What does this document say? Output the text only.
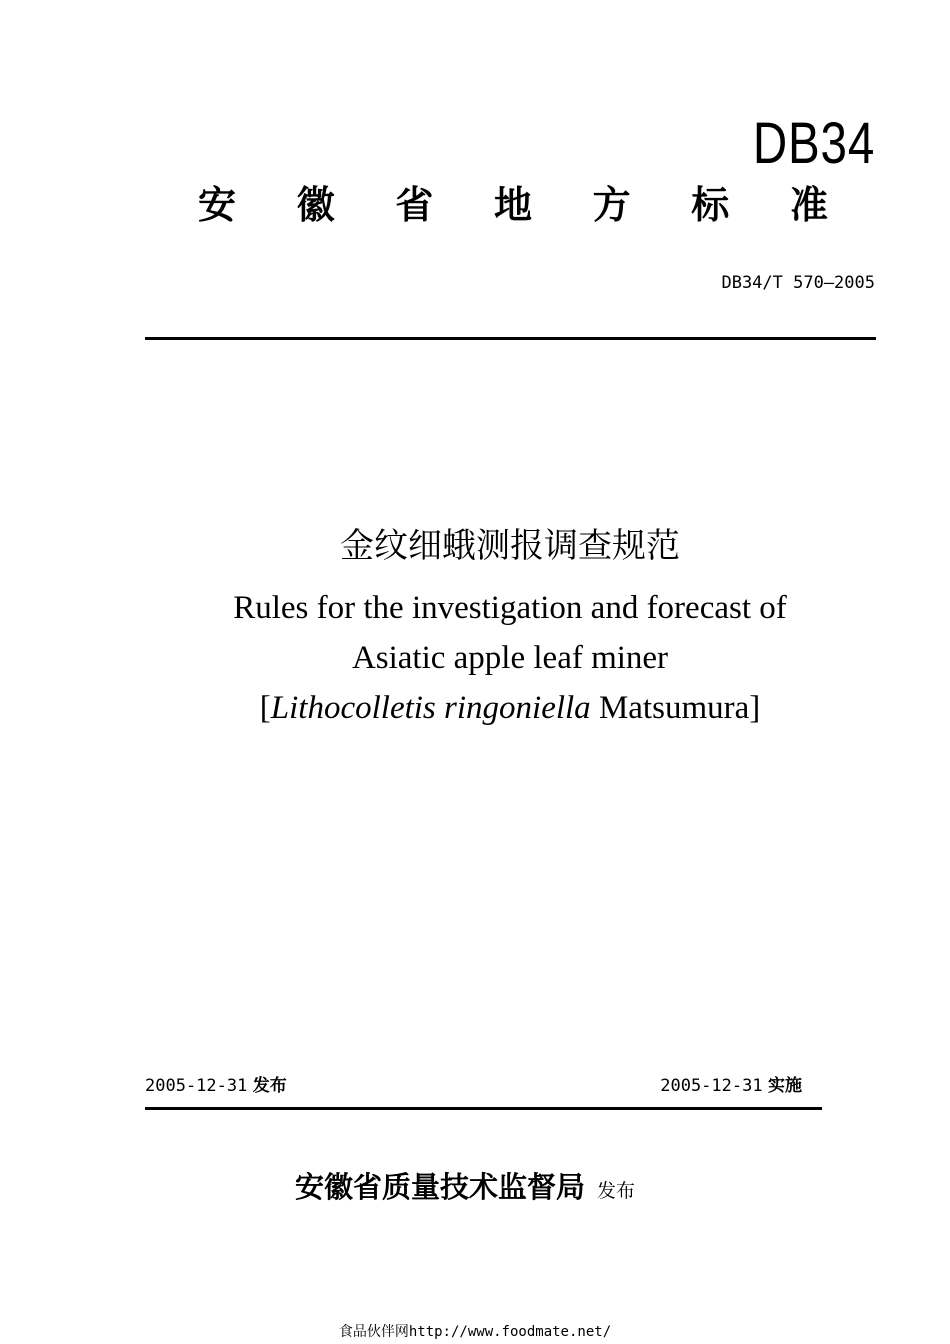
DB34
安 徽 省 地 方 标 准
DB34/T 570—2005
金纹细蛾测报调查规范
Rules for the investigation and forecast of
Asiatic apple leaf miner
[Lithocolletis ringoniella Matsumura]
2005-12-31 发布	2005-12-31 实施
安徽省质量技术监督局 发布
食品伙伴网http://www.foodmate.net/
